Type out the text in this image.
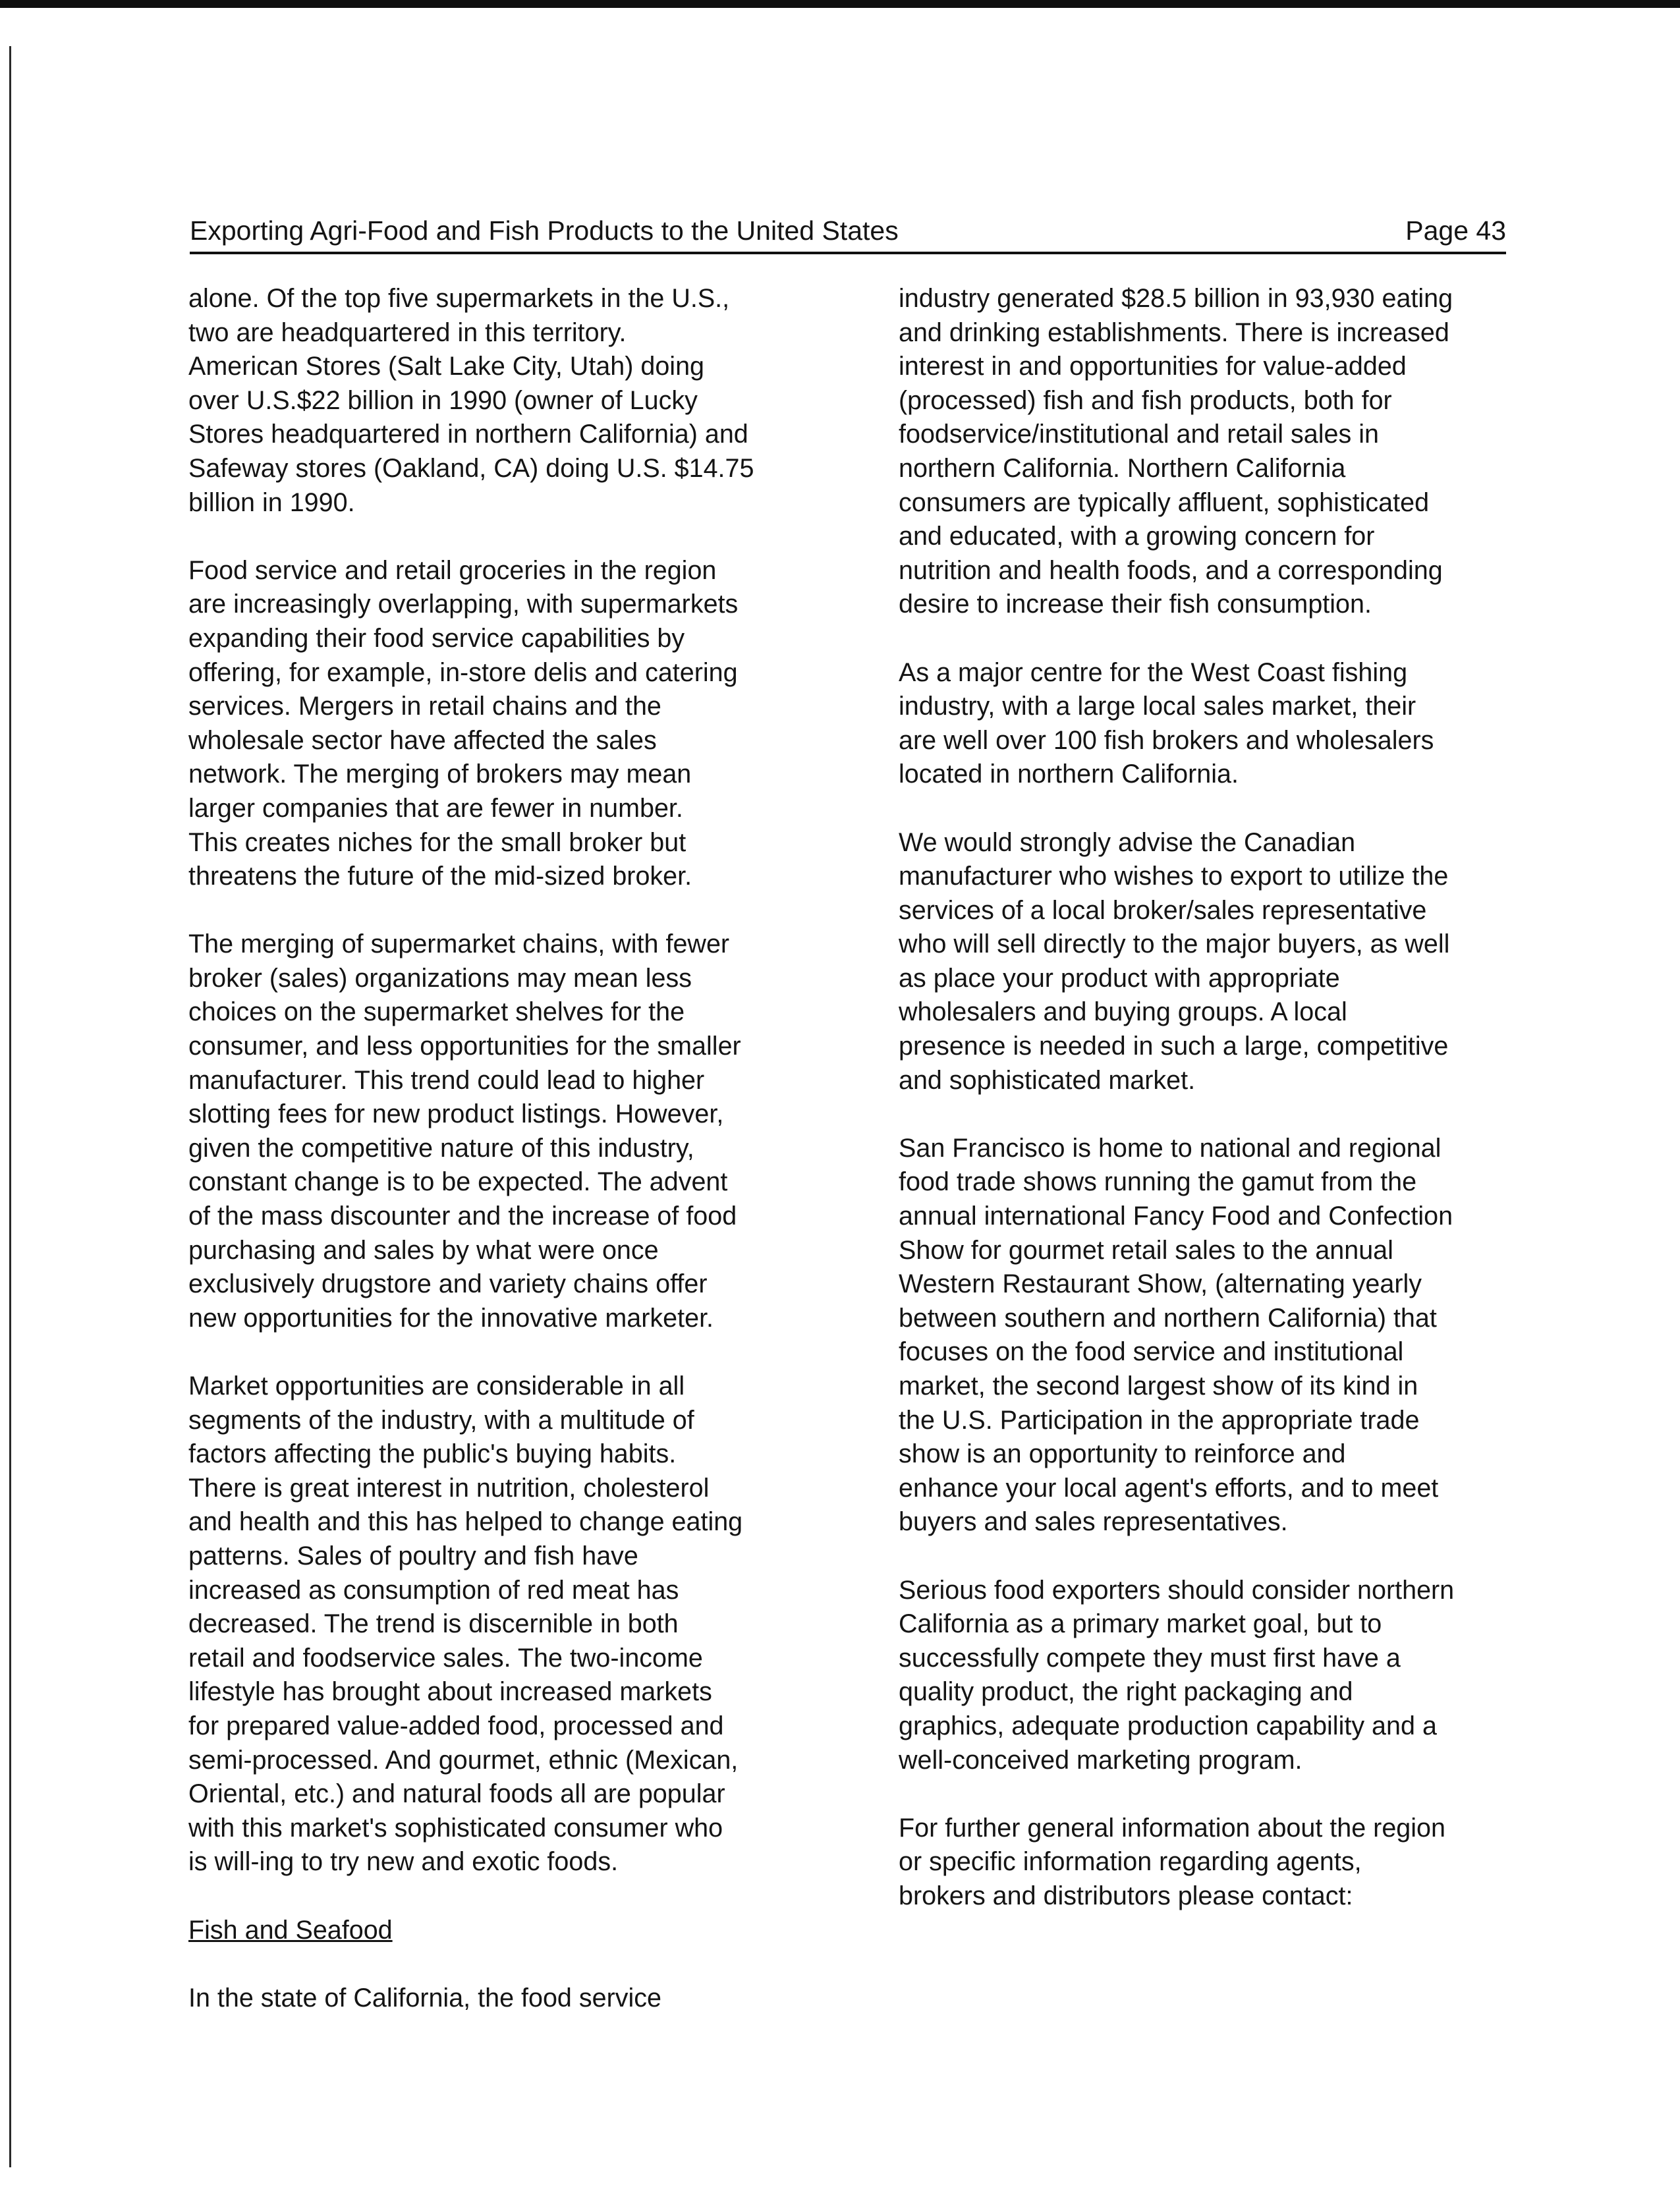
Exporting Agri-Food and Fish Products to the United States	Page 43

alone. Of the top five supermarkets in the U.S.,
two are headquartered in this territory.
American Stores (Salt Lake City, Utah) doing
over U.S.$22 billion in 1990 (owner of Lucky
Stores headquartered in northern California) and
Safeway stores (Oakland, CA) doing U.S. $14.75
billion in 1990.

Food service and retail groceries in the region
are increasingly overlapping, with supermarkets
expanding their food service capabilities by
offering, for example, in-store delis and catering
services. Mergers in retail chains and the
wholesale sector have affected the sales
network. The merging of brokers may mean
larger companies that are fewer in number.
This creates niches for the small broker but
threatens the future of the mid-sized broker.

The merging of supermarket chains, with fewer
broker (sales) organizations may mean less
choices on the supermarket shelves for the
consumer, and less opportunities for the smaller
manufacturer. This trend could lead to higher
slotting fees for new product listings. However,
given the competitive nature of this industry,
constant change is to be expected. The advent
of the mass discounter and the increase of food
purchasing and sales by what were once
exclusively drugstore and variety chains offer
new opportunities for the innovative marketer.

Market opportunities are considerable in all
segments of the industry, with a multitude of
factors affecting the public's buying habits.
There is great interest in nutrition, cholesterol
and health and this has helped to change eating
patterns. Sales of poultry and fish have
increased as consumption of red meat has
decreased. The trend is discernible in both
retail and foodservice sales. The two-income
lifestyle has brought about increased markets
for prepared value-added food, processed and
semi-processed. And gourmet, ethnic (Mexican,
Oriental, etc.) and natural foods all are popular
with this market's sophisticated consumer who
is will-ing to try new and exotic foods.

Fish and Seafood

In the state of California, the food service

industry generated $28.5 billion in 93,930 eating
and drinking establishments. There is increased
interest in and opportunities for value-added
(processed) fish and fish products, both for
foodservice/institutional and retail sales in
northern California. Northern California
consumers are typically affluent, sophisticated
and educated, with a growing concern for
nutrition and health foods, and a corresponding
desire to increase their fish consumption.

As a major centre for the West Coast fishing
industry, with a large local sales market, their
are well over 100 fish brokers and wholesalers
located in northern California.

We would strongly advise the Canadian
manufacturer who wishes to export to utilize the
services of a local broker/sales representative
who will sell directly to the major buyers, as well
as place your product with appropriate
wholesalers and buying groups. A local
presence is needed in such a large, competitive
and sophisticated market.

San Francisco is home to national and regional
food trade shows running the gamut from the
annual international Fancy Food and Confection
Show for gourmet retail sales to the annual
Western Restaurant Show, (alternating yearly
between southern and northern California) that
focuses on the food service and institutional
market, the second largest show of its kind in
the U.S. Participation in the appropriate trade
show is an opportunity to reinforce and
enhance your local agent's efforts, and to meet
buyers and sales representatives.

Serious food exporters should consider northern
California as a primary market goal, but to
successfully compete they must first have a
quality product, the right packaging and
graphics, adequate production capability and a
well-conceived marketing program.

For further general information about the region
or specific information regarding agents,
brokers and distributors please contact:
